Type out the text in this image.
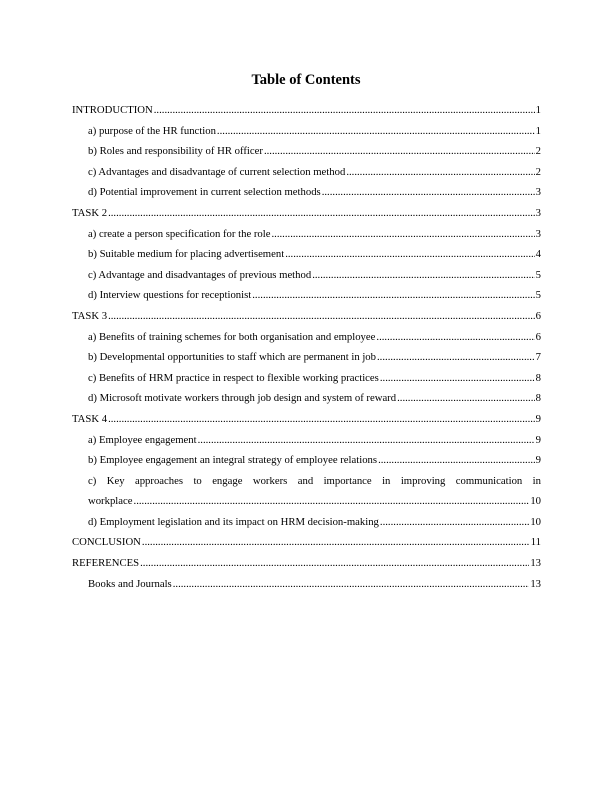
Table of Contents
INTRODUCTION .....	1
a) purpose of the HR function .....	1
b) Roles and responsibility of HR officer .....	2
c) Advantages and disadvantage of current selection method .....	2
d) Potential improvement in current selection methods .....	3
TASK 2 .....	3
a) create a person specification for the role .....	3
b) Suitable medium for placing advertisement .....	4
c) Advantage and disadvantages of previous method .....	5
d) Interview questions for receptionist .....	5
TASK 3 .....	6
a) Benefits of training schemes for both organisation and employee .....	6
b) Developmental opportunities to staff which are permanent in job .....	7
c) Benefits of HRM practice in respect to flexible working practices .....	8
d) Microsoft motivate workers through job design and system of reward .....	8
TASK 4 .....	9
a) Employee engagement .....	9
b) Employee engagement an integral strategy of employee relations .....	9
c) Key approaches to engage workers and importance in improving communication in
workplace .....	10
d) Employment legislation and its impact on HRM decision-making .....	10
CONCLUSION .....	11
REFERENCES .....	13
Books and Journals .....	13
